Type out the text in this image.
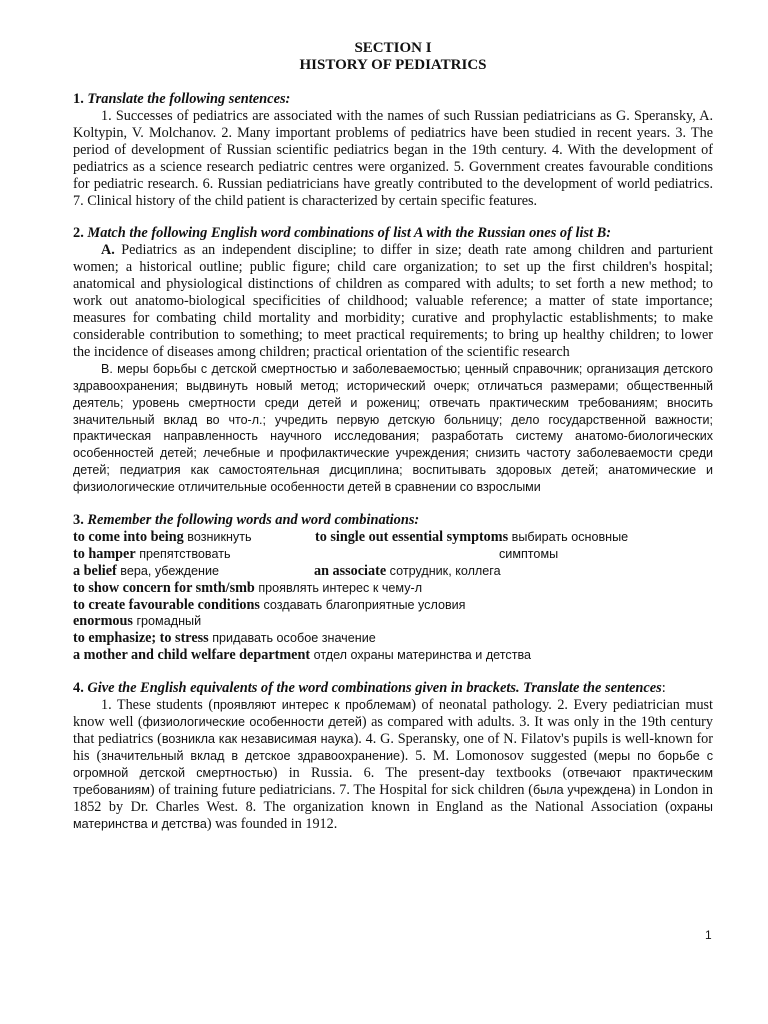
SECTION I
HISTORY OF PEDIATRICS
1. Translate the following sentences:
1. Successes of pediatrics are associated with the names of such Russian pediatricians as G. Speransky, A. Koltypin, V. Molchanov. 2. Many important problems of pediatrics have been studied in recent years. 3. The period of development of Russian scientific pediatrics began in the 19th century. 4. With the development of pediatrics as a science research pediatric centres were organized. 5. Government creates favourable conditions for pediatric research. 6. Russian pediatricians have greatly contributed to the development of world pediatrics. 7. Clinical history of the child patient is characterized by certain specific features.
2. Match the following English word combinations of list A with the Russian ones of list B:
A. Pediatrics as an independent discipline; to differ in size; death rate among children and parturient women; a historical outline; public figure; child care organization; to set up the first children's hospital; anatomical and physiological distinctions of children as compared with adults; to set forth a new method; to work out anatomo-biological specificities of childhood; valuable reference; a matter of state importance; measures for combating child mortality and morbidity; curative and prophylactic establishments; to make considerable contribution to something; to meet practical requirements; to bring up healthy children; to lower the incidence of diseases among children; practical orientation of the scientific research
B. меры борьбы с детской смертностью и заболеваемостью; ценный справочник; организация детского здравоохранения; выдвинуть новый метод; исторический очерк; отличаться размерами; общественный деятель; уровень смертности среди детей и рожениц; отвечать практическим требованиям; вносить значительный вклад во что-л.; учредить первую детскую больницу; дело государственной важности; практическая направленность научного исследования; разработать систему анатомо-биологических особенностей детей; лечебные и профилактические учреждения; снизить частоту заболеваемости среди детей; педиатрия как самостоятельная дисциплина; воспитывать здоровых детей; анатомические и физиологические отличительные особенности детей в сравнении со взрослыми
3. Remember the following words and word combinations:
to come into being возникнуть	to single out essential symptoms выбирать основные
to hamper препятствовать	симптомы
a belief вера, убеждение	an associate сотрудник, коллега
to show concern for smth/smb проявлять интерес к чему-л
to create favourable conditions создавать благоприятные условия
enormous громадный
to emphasize; to stress придавать особое значение
a mother and child welfare department отдел охраны материнства и детства
4. Give the English equivalents of the word combinations given in brackets. Translate the sentences:
1. These students (проявляют интерес к проблемам) of neonatal pathology. 2. Every pediatrician must know well (физиологические особенности детей) as compared with adults. 3. It was only in the 19th century that pediatrics (возникла как независимая наука). 4. G. Speransky, one of N. Filatov's pupils is well-known for his (значительный вклад в детское здравоохранение). 5. M. Lomonosov suggested (меры по борьбе с огромной детской смертностью) in Russia. 6. The present-day textbooks (отвечают практическим требованиям) of training future pediatricians. 7. The Hospital for sick children (была учреждена) in London in 1852 by Dr. Charles West. 8. The organization known in England as the National Association (охраны материнства и детства) was founded in 1912.
1
